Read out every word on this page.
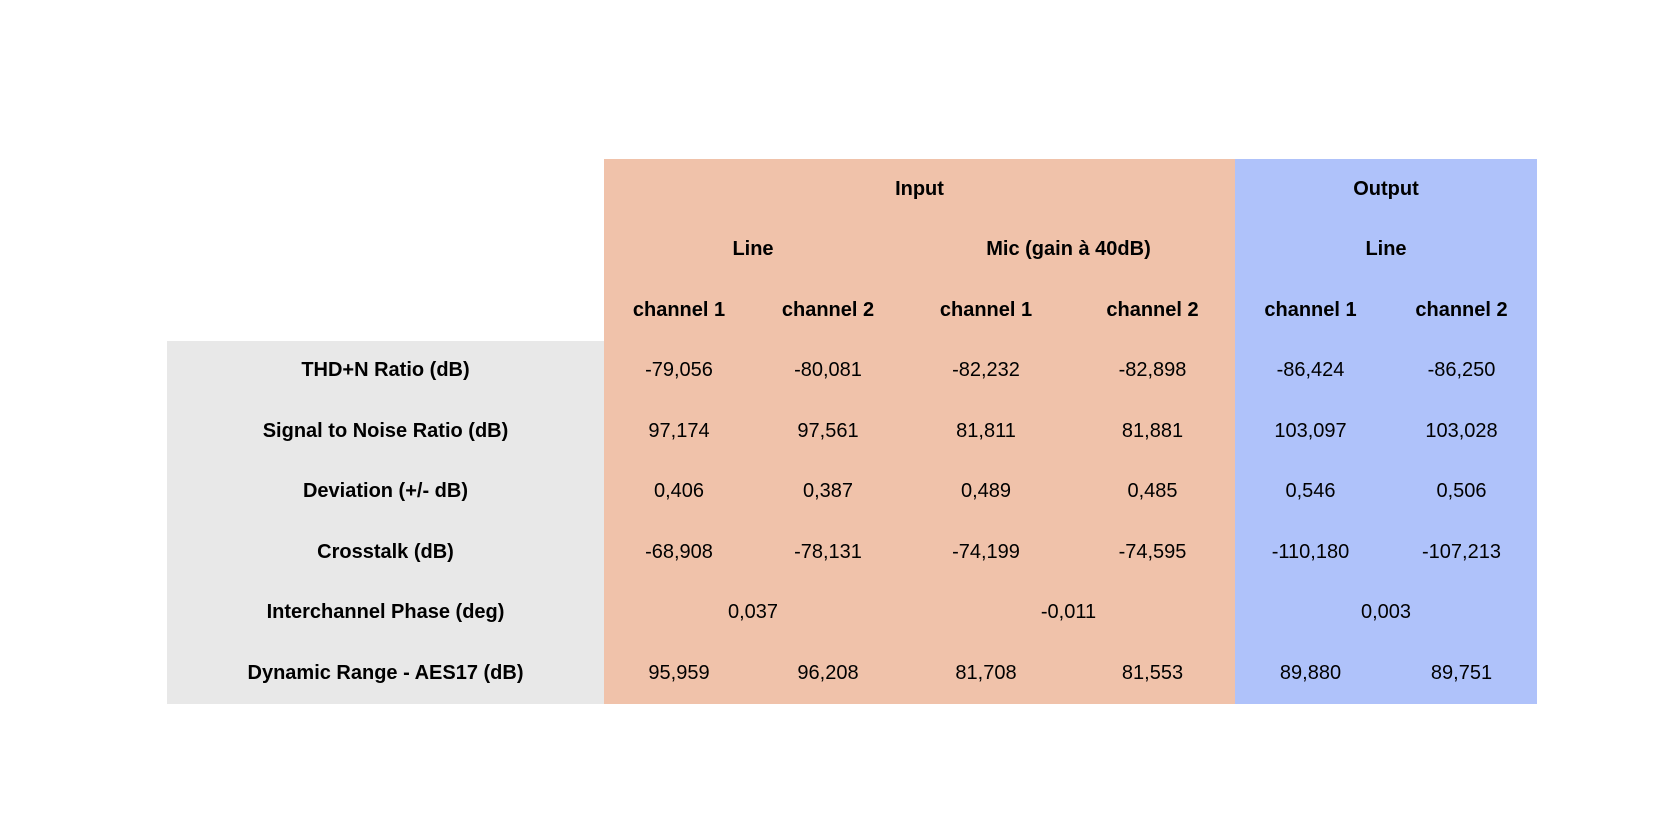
	Input				Output	
	Line		Mic (gain à 40dB)		Line	
	channel 1	channel 2	channel 1	channel 2	channel 1	channel 2
THD+N Ratio (dB)	-79,056	-80,081	-82,232	-82,898	-86,424	-86,250
Signal to Noise Ratio (dB)	97,174	97,561	81,811	81,881	103,097	103,028
Deviation (+/- dB)	0,406	0,387	0,489	0,485	0,546	0,506
Crosstalk (dB)	-68,908	-78,131	-74,199	-74,595	-110,180	-107,213
Interchannel Phase (deg)	0,037		-0,011		0,003	
Dynamic Range - AES17 (dB)	95,959	96,208	81,708	81,553	89,880	89,751
